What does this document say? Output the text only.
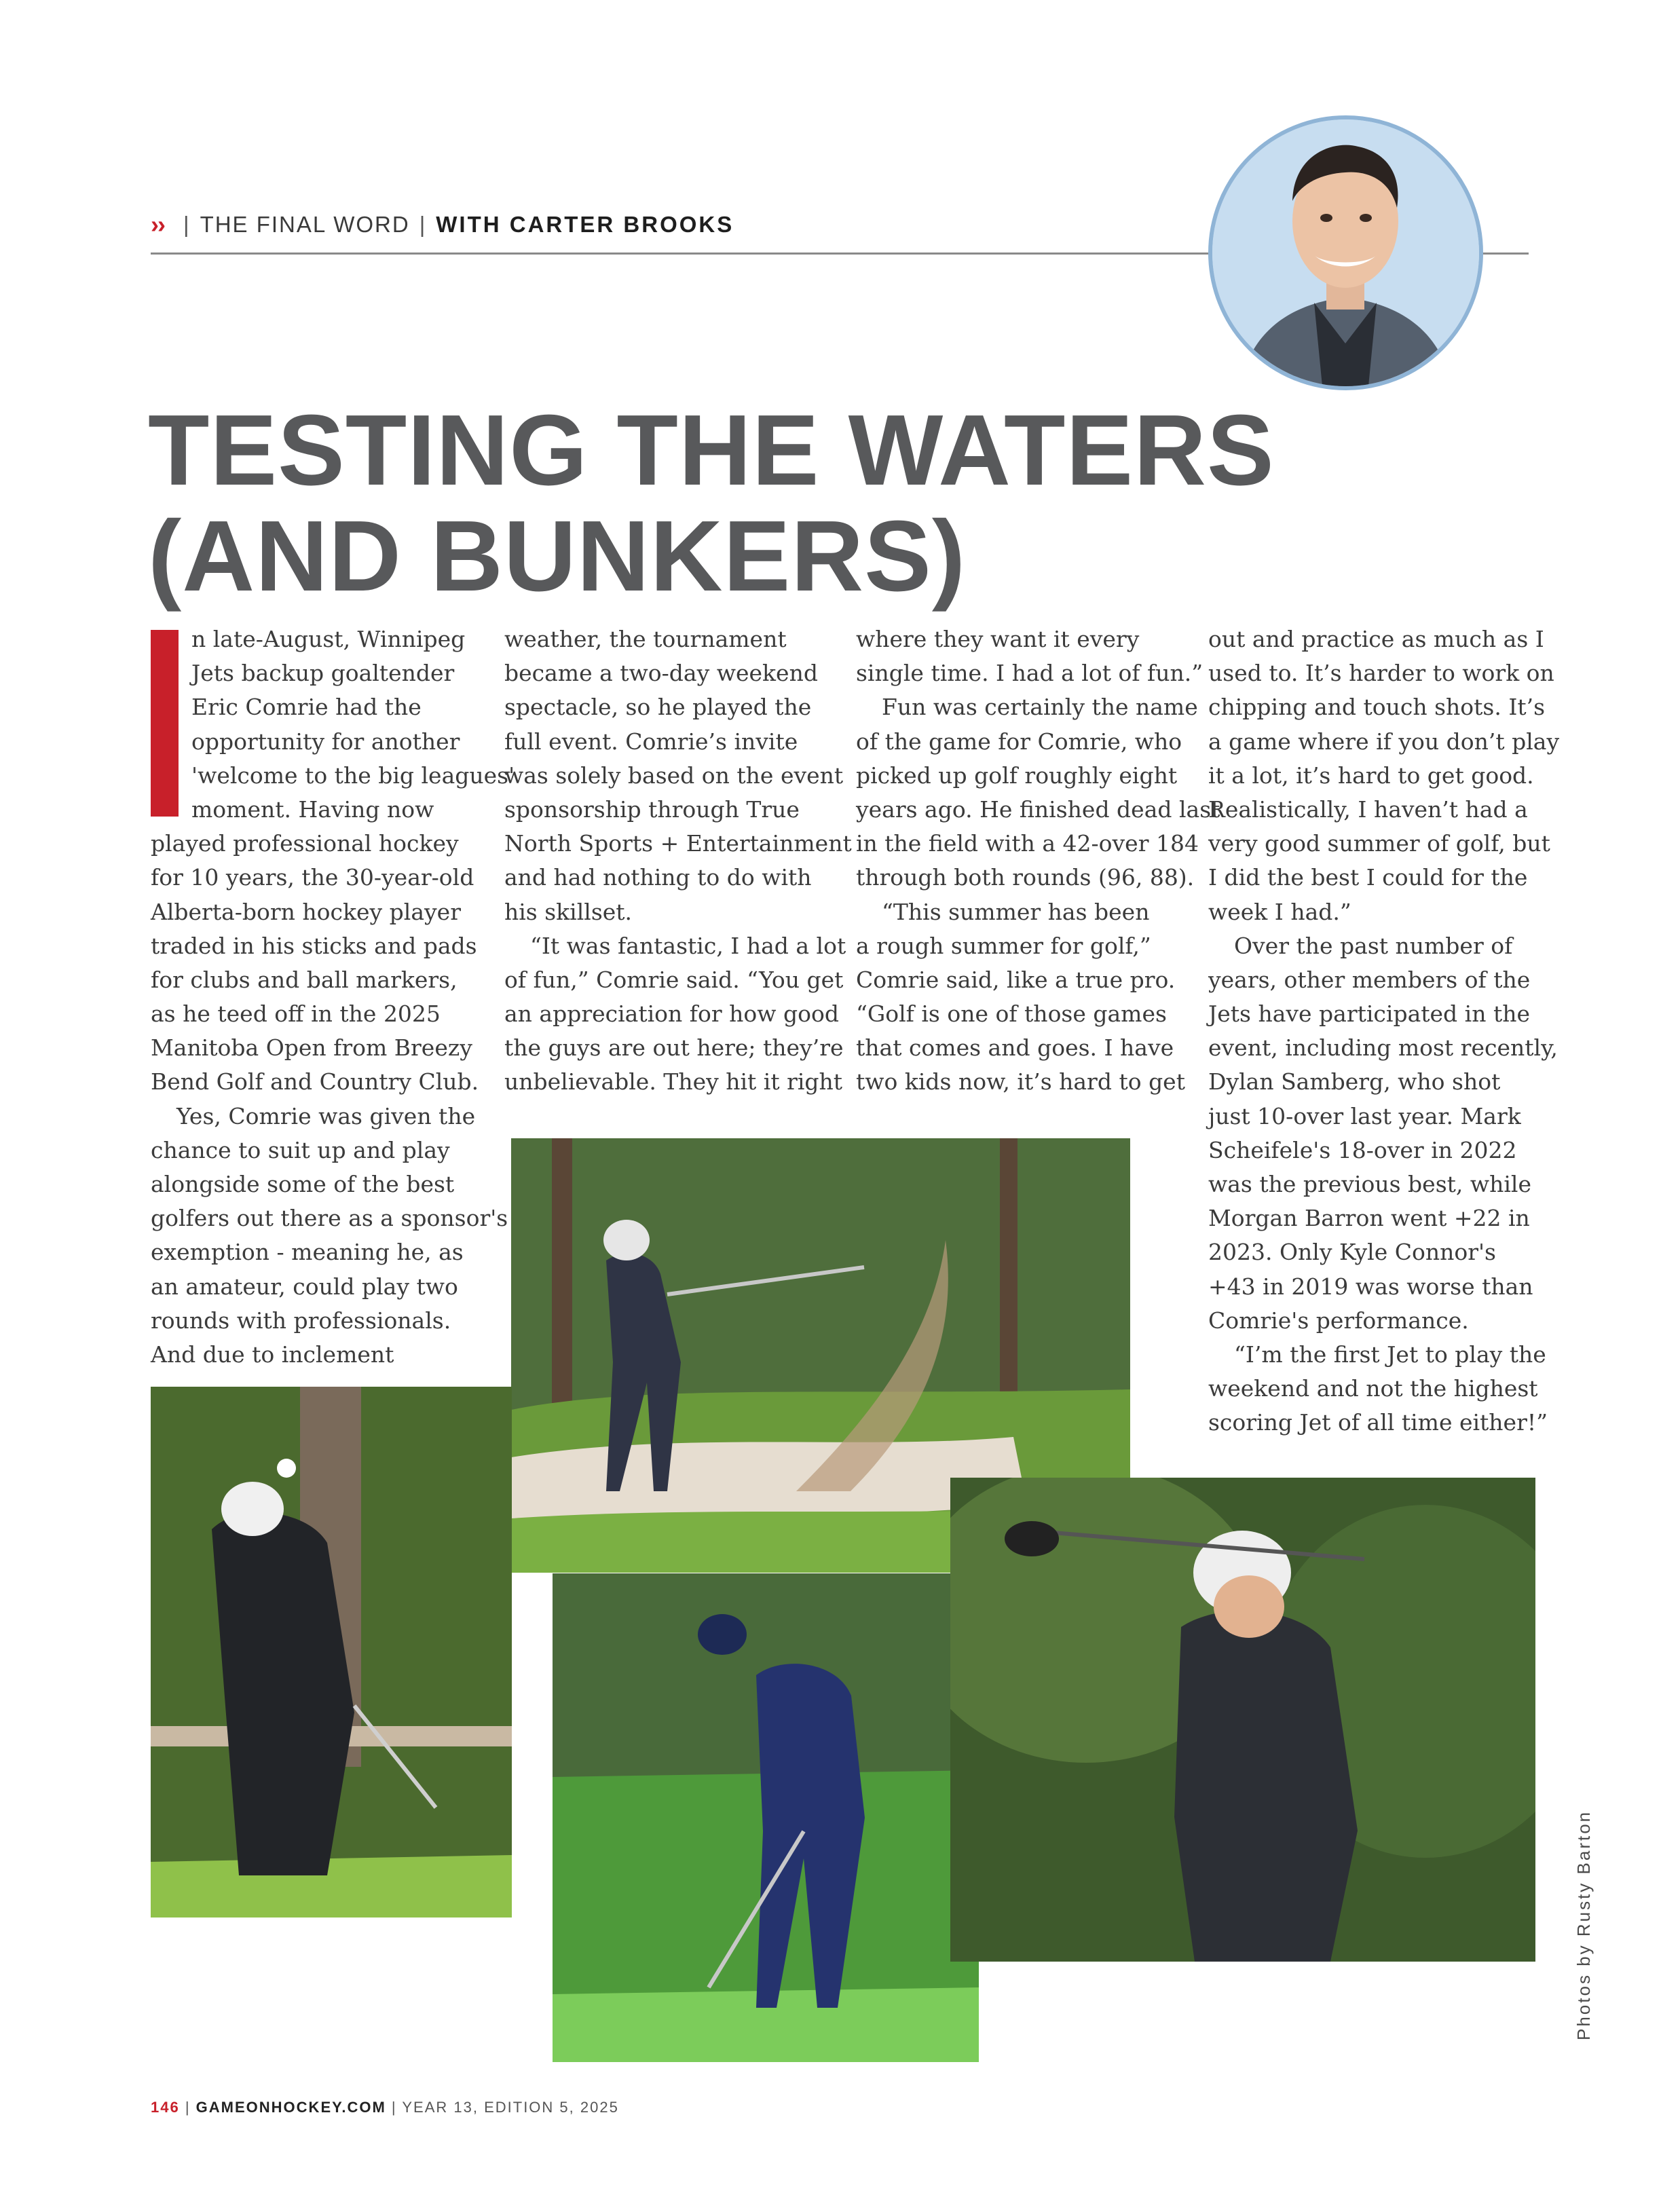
›› | THE FINAL WORD | WITH CARTER BROOKS
TESTING THE WATERS
(AND BUNKERS)
n late-August, Winnipeg
Jets backup goaltender
Eric Comrie had the
opportunity for another
'welcome to the big leagues'
moment. Having now
played professional hockey
for 10 years, the 30-year-old
Alberta-born hockey player
traded in his sticks and pads
for clubs and ball markers,
as he teed off in the 2025
Manitoba Open from Breezy
Bend Golf and Country Club.
Yes, Comrie was given the
chance to suit up and play
alongside some of the best
golfers out there as a sponsor's
exemption - meaning he, as
an amateur, could play two
rounds with professionals.
And due to inclement
weather, the tournament
became a two-day weekend
spectacle, so he played the
full event. Comrie’s invite
was solely based on the event
sponsorship through True
North Sports + Entertainment
and had nothing to do with
his skillset.
“It was fantastic, I had a lot
of fun,” Comrie said. “You get
an appreciation for how good
the guys are out here; they’re
unbelievable. They hit it right
where they want it every
single time. I had a lot of fun.”
Fun was certainly the name
of the game for Comrie, who
picked up golf roughly eight
years ago. He finished dead last
in the field with a 42-over 184
through both rounds (96, 88).
“This summer has been
a rough summer for golf,”
Comrie said, like a true pro.
“Golf is one of those games
that comes and goes. I have
two kids now, it’s hard to get
out and practice as much as I
used to. It’s harder to work on
chipping and touch shots. It’s
a game where if you don’t play
it a lot, it’s hard to get good.
Realistically, I haven’t had a
very good summer of golf, but
I did the best I could for the
week I had.”
Over the past number of
years, other members of the
Jets have participated in the
event, including most recently,
Dylan Samberg, who shot
just 10-over last year. Mark
Scheifele's 18-over in 2022
was the previous best, while
Morgan Barron went +22 in
2023. Only Kyle Connor's
+43 in 2019 was worse than
Comrie's performance.
“I’m the first Jet to play the
weekend and not the highest
scoring Jet of all time either!”
Photos by Rusty Barton
146 | GAMEONHOCKEY.COM | YEAR 13, EDITION 5, 2025
